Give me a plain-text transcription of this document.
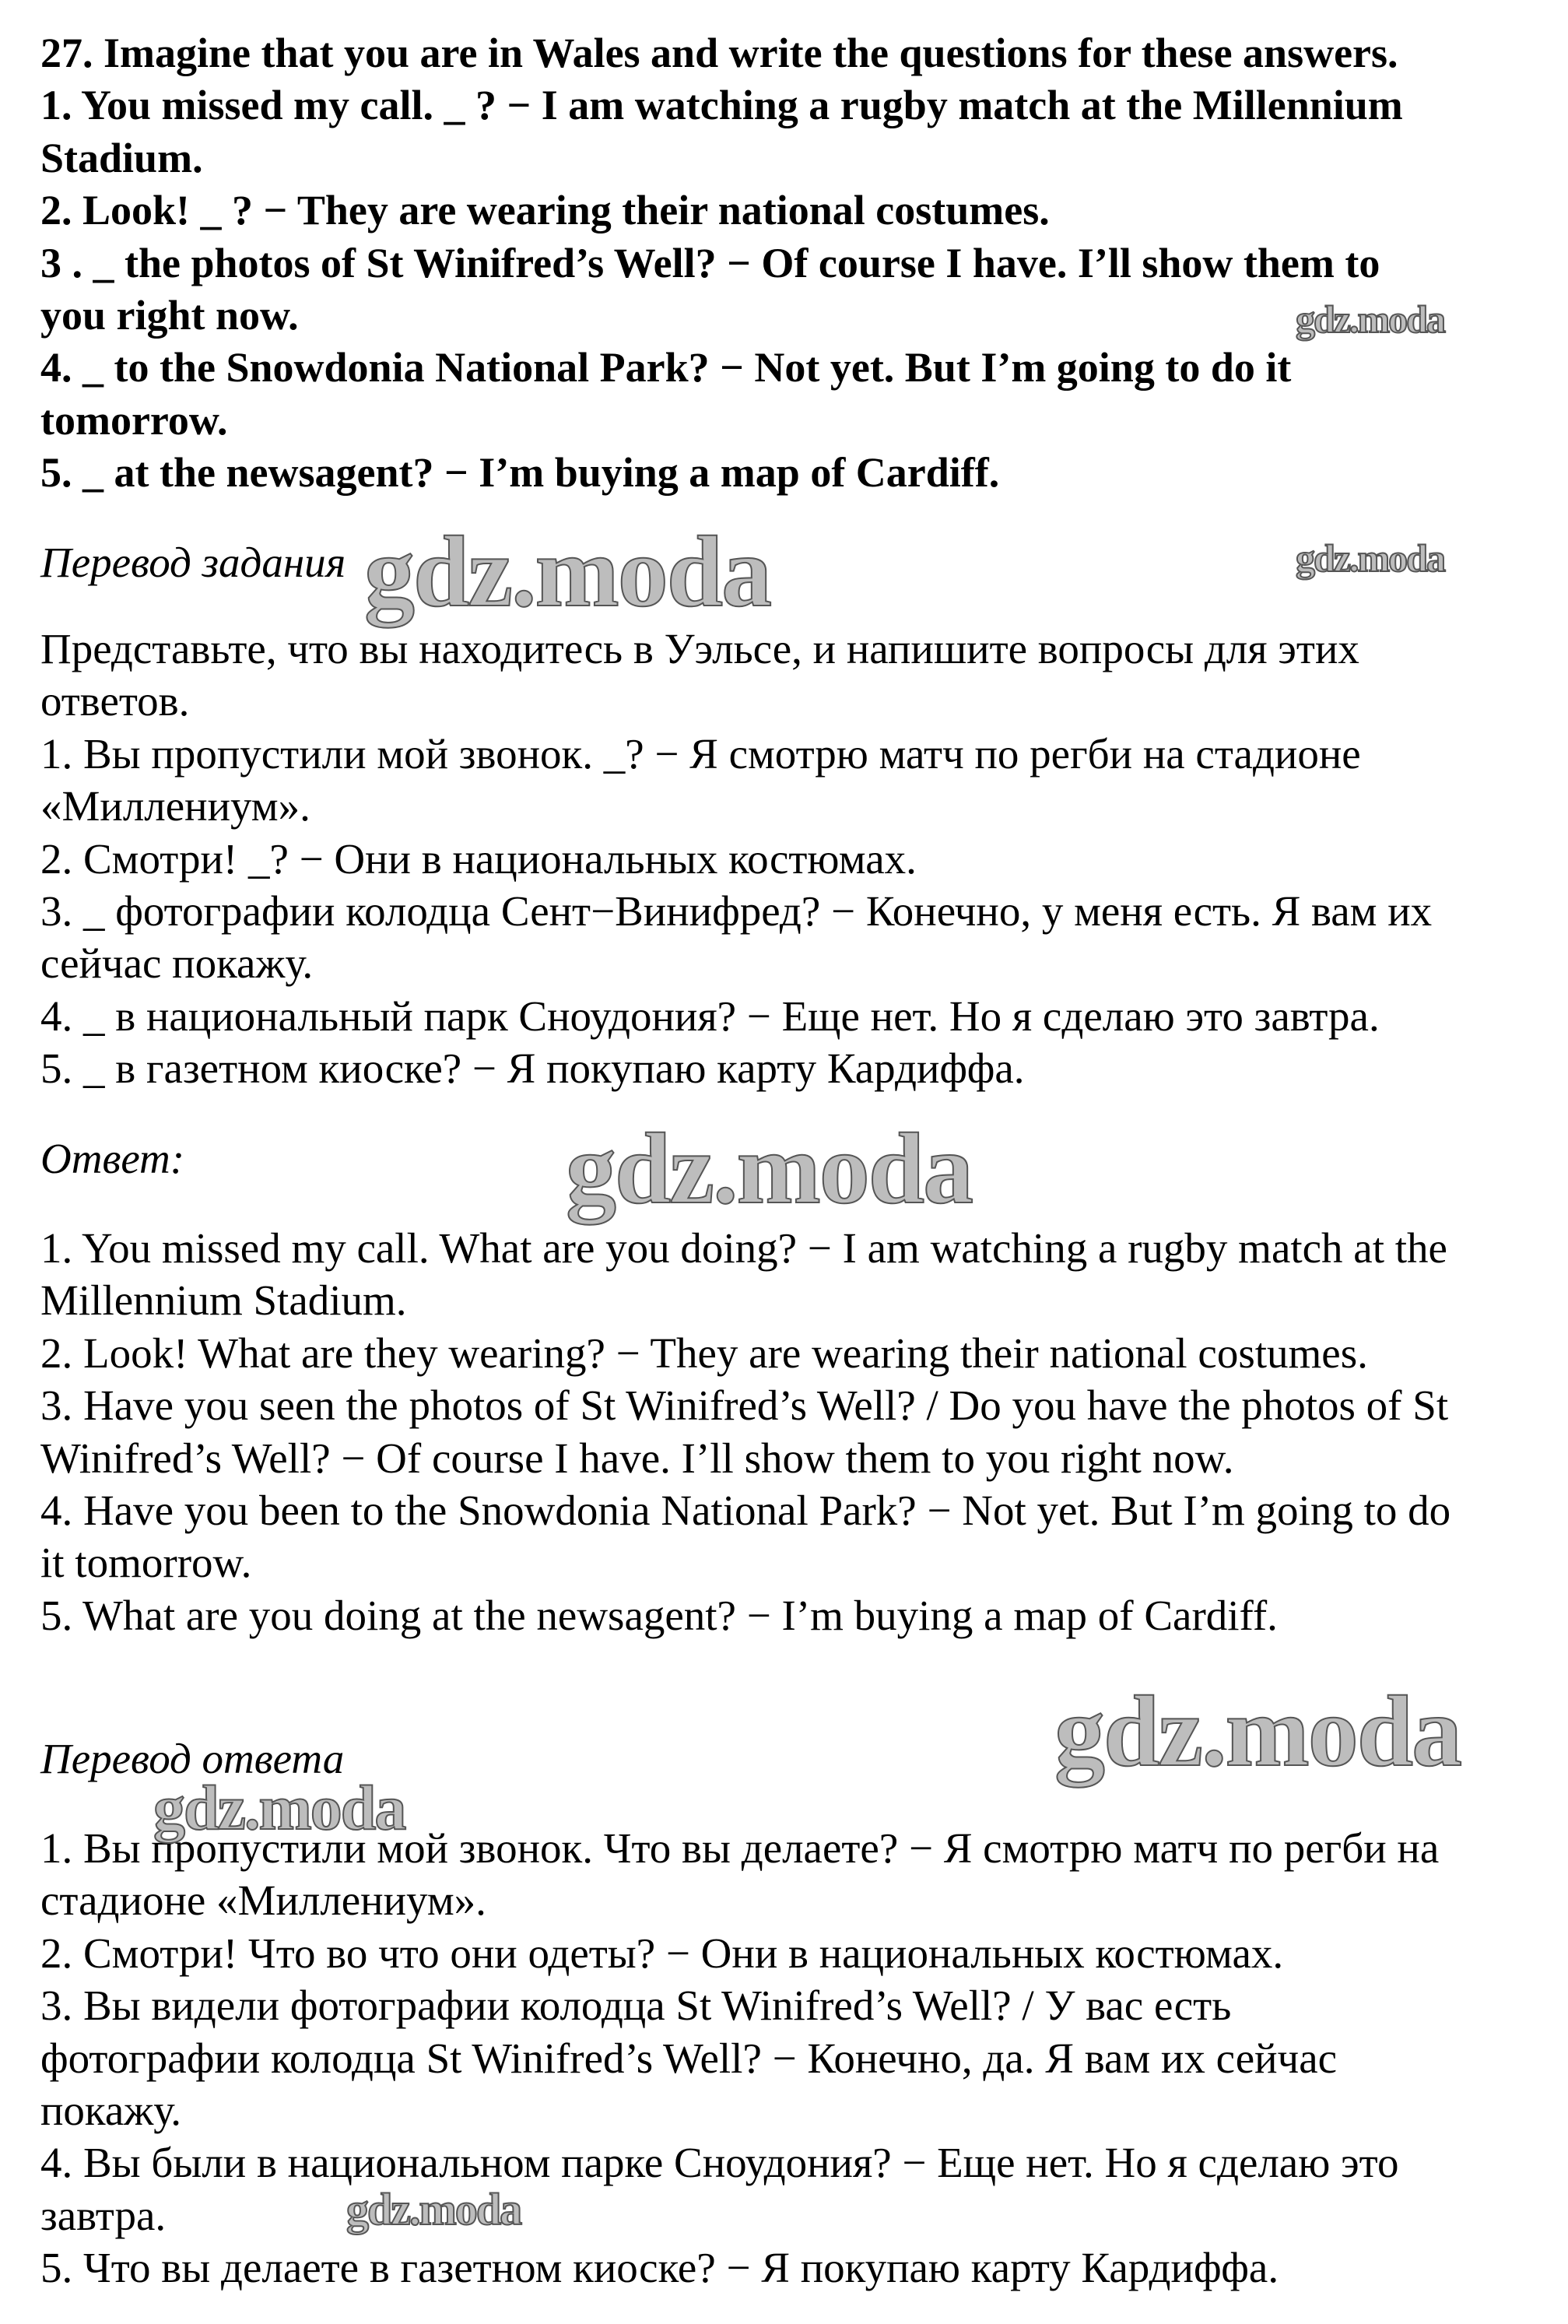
27. Imagine that you are in Wales and write the questions for these answers.
1. You missed my call. _ ? − I am watching a rugby match at the Millennium
Stadium.
2. Look! _ ? − They are wearing their national costumes.
3 . _ the photos of St Winifred’s Well? − Of course I have. I’ll show them to
you right now.
4. _ to the Snowdonia National Park? − Not yet. But I’m going to do it
tomorrow.
5. _ at the newsagent? − I’m buying a map of Cardiff.
Перевод задания
Представьте, что вы находитесь в Уэльсе, и напишите вопросы для этих
ответов.
1. Вы пропустили мой звонок. _? − Я смотрю матч по регби на стадионе
«Миллениум».
2. Смотри! _? − Они в национальных костюмах.
3. _ фотографии колодца Сент−Винифред? − Конечно, у меня есть. Я вам их
сейчас покажу.
4. _ в национальный парк Сноудония? − Еще нет. Но я сделаю это завтра.
5. _ в газетном киоске? − Я покупаю карту Кардиффа.
Ответ:
1. You missed my call. What are you doing? − I am watching a rugby match at the
Millennium Stadium.
2. Look! What are they wearing? − They are wearing their national costumes.
3. Have you seen the photos of St Winifred’s Well? / Do you have the photos of St
Winifred’s Well? − Of course I have. I’ll show them to you right now.
4. Have you been to the Snowdonia National Park? − Not yet. But I’m going to do
it tomorrow.
5. What are you doing at the newsagent? − I’m buying a map of Cardiff.
Перевод ответа
1. Вы пропустили мой звонок. Что вы делаете? − Я смотрю матч по регби на
стадионе «Миллениум».
2. Смотри! Что во что они одеты? − Они в национальных костюмах.
3. Вы видели фотографии колодца St Winifred’s Well? / У вас есть
фотографии колодца St Winifred’s Well? − Конечно, да. Я вам их сейчас
покажу.
4. Вы были в национальном парке Сноудония? − Еще нет. Но я сделаю это
завтра.
5. Что вы делаете в газетном киоске? − Я покупаю карту Кардиффа.
gdz.moda
gdz.moda
gdz.moda
gdz.moda
gdz.moda
gdz.moda
gdz.moda
